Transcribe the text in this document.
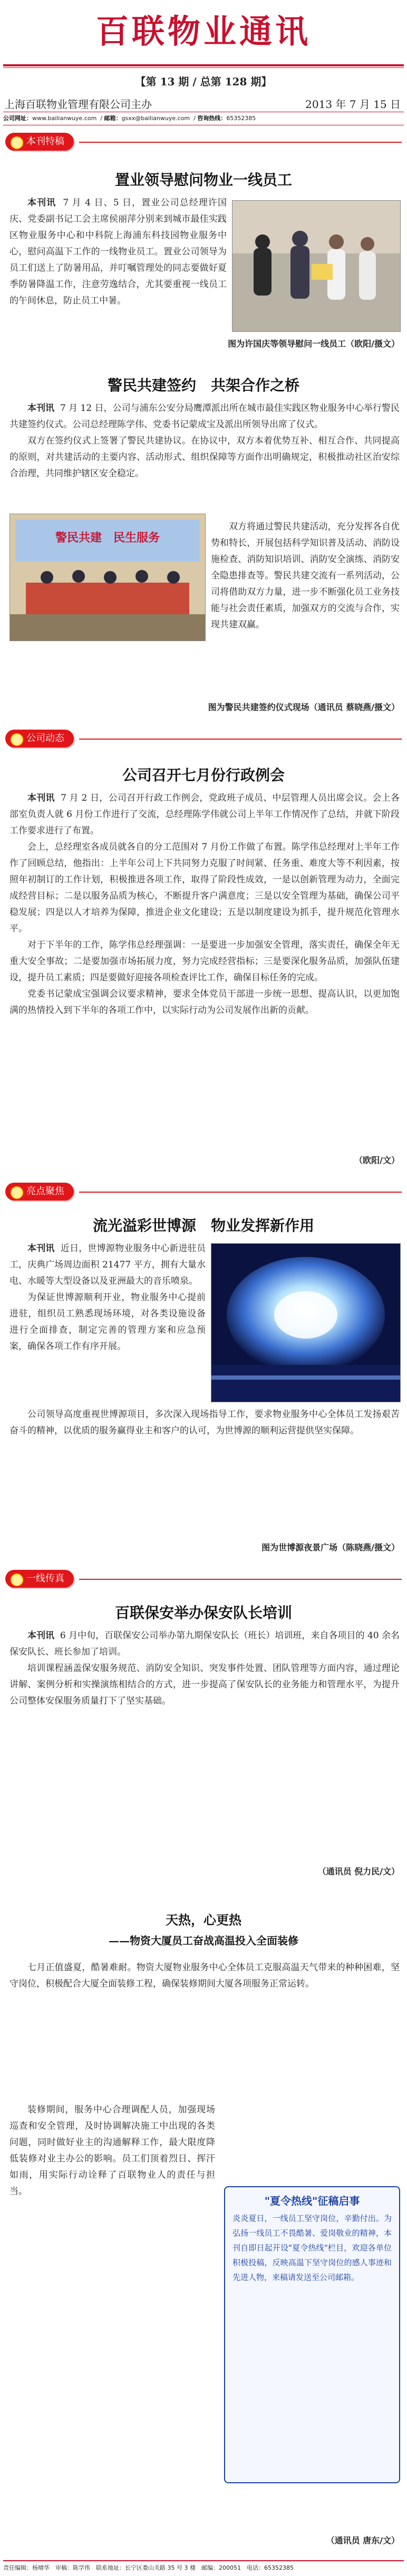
百联物业通讯
【第 13 期 / 总第 128 期】
上海百联物业管理有限公司主办	2013 年 7 月 15 日
公司网址：www.bailianwuye.com  / 邮箱：gsxx@bailianwuye.com  / 咨询热线：65352385
本刊特稿
置业领导慰问物业一线员工

本刊讯 7 月 4 日、5 日，置业公司总经理许国庆、党委副书记工会主席侯丽萍分别来到城市最佳实践区物业服务中心和中科院上海浦东科技园物业服务中心，慰问高温下工作的一线物业员工。置业公司领导为员工们送上了防暑用品，并叮嘱管理处的同志要做好夏季防暑降温工作，注意劳逸结合，尤其要重视一线员工的午间休息，防止员工中暑。

图为许国庆等领导慰问一线员工（欧阳/摄文）
警民共建签约　共架合作之桥

本刊讯 7 月 12 日，公司与浦东公安分局鹰潭派出所在城市最佳实践区物业服务中心举行警民共建签约仪式。公司总经理陈学伟、党委书记蒙成宝及派出所领导出席了仪式。

双方在签约仪式上签署了警民共建协议。在协议中，双方本着优势互补、相互合作、共同提高的原则，对共建活动的主要内容、活动形式、组织保障等方面作出明确规定，积极推动社区治安综合治理，共同维护辖区安全稳定。

警民共建　民生服务

双方将通过警民共建活动，充分发挥各自优势和特长，开展包括科学知识普及活动、消防设施检查、消防知识培训、消防安全演练、消防安全隐患排查等。警民共建交流有一系列活动，公司将借助双方力量，进一步不断强化员工业务技能与社会责任素质，加强双方的交流与合作，实现共建双赢。

图为警民共建签约仪式现场（通讯员 蔡晓燕/摄文）
公司动态
公司召开七月份行政例会

本刊讯 7 月 2 日，公司召开行政工作例会，党政班子成员、中层管理人员出席会议。会上各部室负责人就 6 月份工作进行了交流，总经理陈学伟就公司上半年工作情况作了总结，并就下阶段工作要求进行了布置。

会上，总经理室各成员就各自的分工范围对 7 月份工作做了布置。陈学伟总经理对上半年工作作了回顾总结，他指出：上半年公司上下共同努力克服了时间紧、任务重、难度大等不利因素，按照年初制订的工作计划，积极推进各项工作，取得了阶段性成效，一是以创新管理为动力，全面完成经营目标；二是以服务品质为核心，不断提升客户满意度；三是以安全管理为基础，确保公司平稳发展；四是以人才培养为保障，推进企业文化建设；五是以制度建设为抓手，提升规范化管理水平。

对于下半年的工作，陈学伟总经理强调：一是要进一步加强安全管理，落实责任，确保全年无重大安全事故；二是要加强市场拓展力度，努力完成经营指标；三是要深化服务品质，加强队伍建设，提升员工素质；四是要做好迎接各项检查评比工作，确保目标任务的完成。

党委书记蒙成宝强调会议要求精神，要求全体党员干部进一步统一思想、提高认识，以更加饱满的热情投入到下半年的各项工作中，以实际行动为公司发展作出新的贡献。

（欧阳/文）
亮点聚焦
流光溢彩世博源　物业发挥新作用

本刊讯 近日，世博源物业服务中心新进驻员工，庆典广场周边面积 21477 平方，拥有大量水电、水暖等大型设备以及亚洲最大的音乐喷泉。

为保证世博源顺利开业，物业服务中心提前进驻，组织员工熟悉现场环境，对各类设施设备进行全面排查，制定完善的管理方案和应急预案，确保各项工作有序开展。

公司领导高度重视世博源项目，多次深入现场指导工作，要求物业服务中心全体员工发扬艰苦奋斗的精神，以优质的服务赢得业主和客户的认可，为世博源的顺利运营提供坚实保障。

图为世博源夜景广场（陈晓燕/摄文）
一线传真
百联保安举办保安队长培训

本刊讯 6 月中旬，百联保安公司举办第九期保安队长（班长）培训班，来自各项目的 40 余名保安队长、班长参加了培训。

培训课程涵盖保安服务规范、消防安全知识、突发事件处置、团队管理等方面内容，通过理论讲解、案例分析和实操演练相结合的方式，进一步提高了保安队长的业务能力和管理水平，为提升公司整体安保服务质量打下了坚实基础。

（通讯员 倪力民/文）
天热，心更热
——物资大厦员工奋战高温投入全面装修

七月正值盛夏，酷暑难耐。物资大厦物业服务中心全体员工克服高温天气带来的种种困难，坚守岗位，积极配合大厦全面装修工程，确保装修期间大厦各项服务正常运转。

装修期间，服务中心合理调配人员，加强现场巡查和安全管理，及时协调解决施工中出现的各类问题，同时做好业主的沟通解释工作，最大限度降低装修对业主办公的影响。员工们顶着烈日、挥汗如雨，用实际行动诠释了百联物业人的责任与担当。

"夏令热线"征稿启事
炎炎夏日，一线员工坚守岗位，辛勤付出。为弘扬一线员工不畏酷暑、爱岗敬业的精神，本刊自即日起开设"夏令热线"栏目，欢迎各单位积极投稿，反映高温下坚守岗位的感人事迹和先进人物，来稿请发送至公司邮箱。
（通讯员 唐东/文）
责任编辑：杨晴华　审稿：陈学伟　联系地址：长宁区娄山关路 35 号 3 楼　邮编：200051　电话：65352385
